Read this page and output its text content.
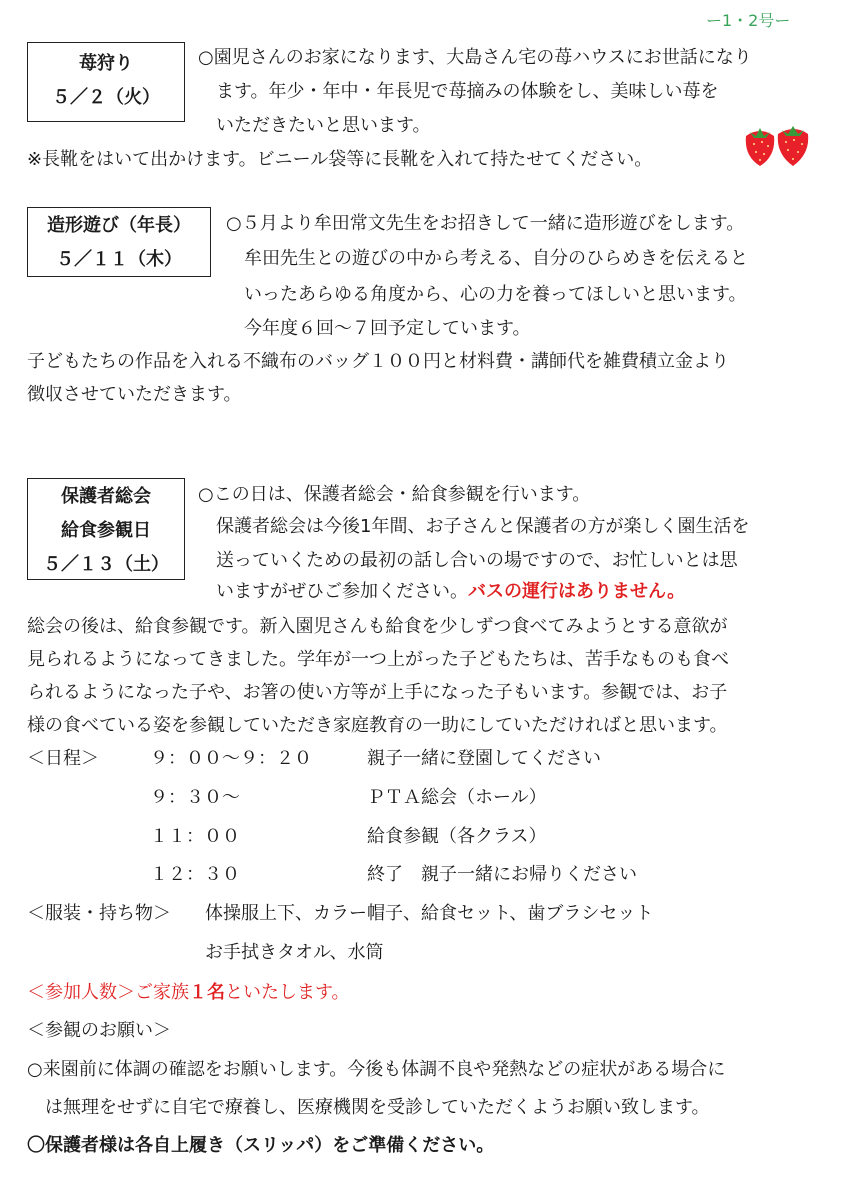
ー1・2号ー
苺狩り
５／２（火）
○園児さんのお家になります、大島さん宅の苺ハウスにお世話になり
ます。年少・年中・年長児で苺摘みの体験をし、美味しい苺を
いただきたいと思います。
※長靴をはいて出かけます。ビニール袋等に長靴を入れて持たせてください。
造形遊び（年長）
５／１１（木）
○５月より牟田常文先生をお招きして一緒に造形遊びをします。
牟田先生との遊びの中から考える、自分のひらめきを伝えると
いったあらゆる角度から、心の力を養ってほしいと思います。
今年度６回～７回予定しています。
子どもたちの作品を入れる不織布のバッグ１００円と材料費・講師代を雑費積立金より
徴収させていただきます。
保護者総会
給食参観日
５／１３（土）
○この日は、保護者総会・給食参観を行います。
保護者総会は今後1年間、お子さんと保護者の方が楽しく園生活を
送っていくための最初の話し合いの場ですので、お忙しいとは思
いますがぜひご参加ください。バスの運行はありません。
総会の後は、給食参観です。新入園児さんも給食を少しずつ食べてみようとする意欲が
見られるようになってきました。学年が一つ上がった子どもたちは、苦手なものも食べ
られるようになった子や、お箸の使い方等が上手になった子もいます。参観では、お子
様の食べている姿を参観していただき家庭教育の一助にしていただければと思います。
＜日程＞	９：００～９：２０	親子一緒に登園してください
９：３０～	ＰＴＡ総会（ホール）
１１：００	給食参観（各クラス）
１２：３０	終了　親子一緒にお帰りください
＜服装・持ち物＞ 体操服上下、カラー帽子、給食セット、歯ブラシセット
お手拭きタオル、水筒
＜参加人数＞ご家族１名といたします。
＜参観のお願い＞
○来園前に体調の確認をお願いします。今後も体調不良や発熱などの症状がある場合に
は無理をせずに自宅で療養し、医療機関を受診していただくようお願い致します。
〇保護者様は各自上履き（スリッパ）をご準備ください。
